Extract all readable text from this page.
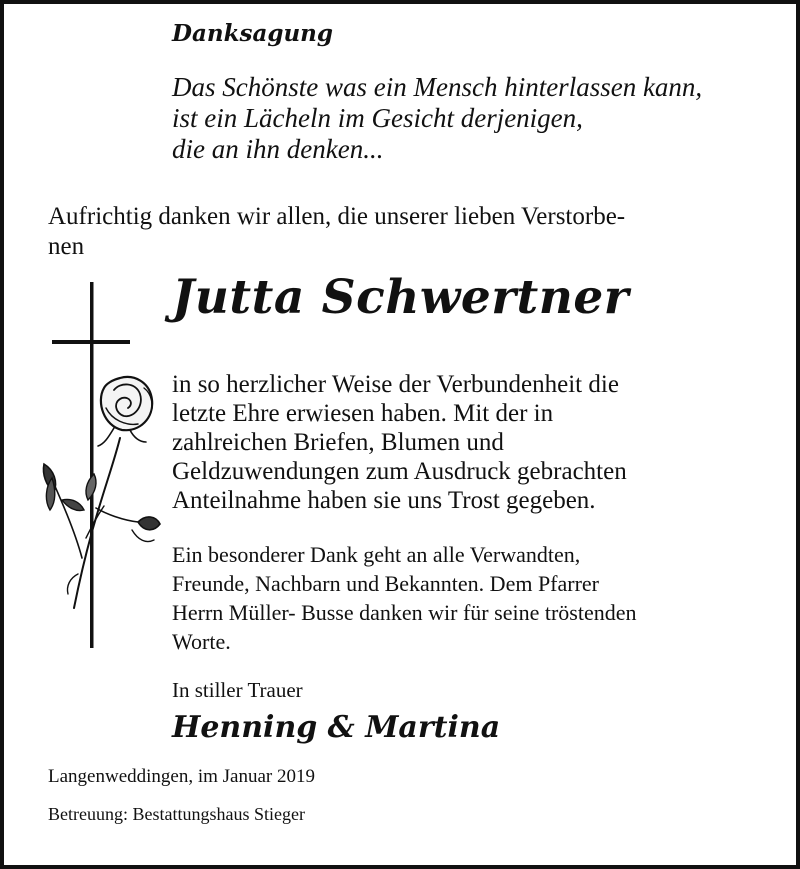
Danksagung
Das Schönste was ein Mensch hinterlassen kann,
ist ein Lächeln im Gesicht derjenigen,
die an ihn denken...
Aufrichtig danken wir allen, die unserer lieben Verstorbe-
nen
Jutta Schwertner
in so herzlicher Weise der Verbundenheit die
letzte Ehre erwiesen haben. Mit der in
zahlreichen Briefen, Blumen und
Geldzuwendungen zum Ausdruck gebrachten
Anteilnahme haben sie uns Trost gegeben.
Ein besonderer Dank geht an alle Verwandten,
Freunde, Nachbarn und Bekannten. Dem Pfarrer
Herrn Müller- Busse danken wir für seine tröstenden
Worte.
In stiller Trauer
Henning & Martina
Langenweddingen, im Januar 2019
Betreuung: Bestattungshaus Stieger
